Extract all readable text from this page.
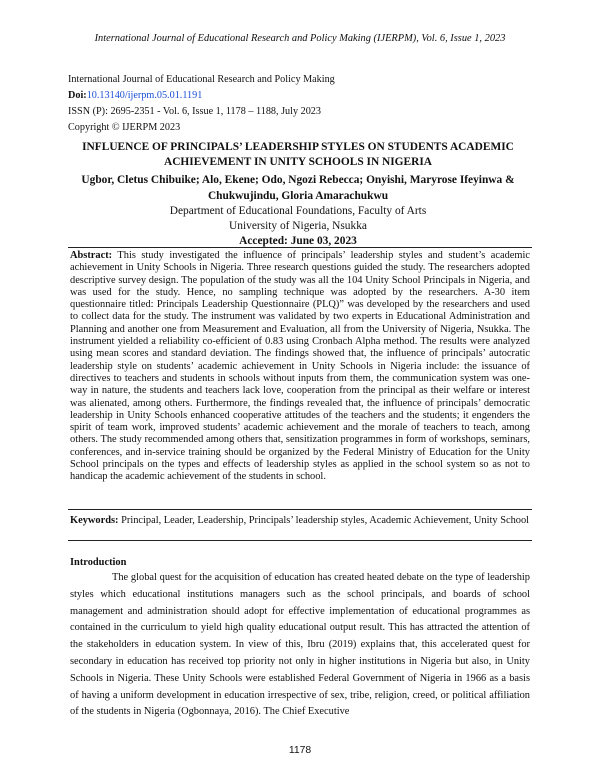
International Journal of Educational Research and Policy Making (IJERPM), Vol. 6, Issue 1, 2023
International Journal of Educational Research and Policy Making
Doi:10.13140/ijerpm.05.01.1191
ISSN (P): 2695-2351 - Vol. 6, Issue 1, 1178 – 1188, July 2023
Copyright © IJERPM 2023
INFLUENCE OF PRINCIPALS’ LEADERSHIP STYLES ON STUDENTS ACADEMIC
ACHIEVEMENT IN UNITY SCHOOLS IN NIGERIA
Ugbor, Cletus Chibuike; Alo, Ekene; Odo, Ngozi Rebecca; Onyishi, Maryrose Ifeyinwa &
Chukwujindu, Gloria Amarachukwu
Department of Educational Foundations, Faculty of Arts
University of Nigeria, Nsukka
Accepted: June 03, 2023
Abstract: This study investigated the influence of principals’ leadership styles and student’s academic achievement in Unity Schools in Nigeria. Three research questions guided the study. The researchers adopted descriptive survey design. The population of the study was all the 104 Unity School Principals in Nigeria, and was used for the study. Hence, no sampling technique was adopted by the researchers. A-30 item questionnaire titled: Principals Leadership Questionnaire (PLQ)” was developed by the researchers and used to collect data for the study. The instrument was validated by two experts in Educational Administration and Planning and another one from Measurement and Evaluation, all from the University of Nigeria, Nsukka. The instrument yielded a reliability co-efficient of 0.83 using Cronbach Alpha method. The results were analyzed using mean scores and standard deviation. The findings showed that, the influence of principals’ autocratic leadership style on students’ academic achievement in Unity Schools in Nigeria include: the issuance of directives to teachers and students in schools without inputs from them, the communication system was one-way in nature, the students and teachers lack love, cooperation from the principal as their welfare or interest was alienated, among others. Furthermore, the findings revealed that, the influence of principals’ democratic leadership in Unity Schools enhanced cooperative attitudes of the teachers and the students; it engenders the spirit of team work, improved students’ academic achievement and the morale of teachers to teach, among others. The study recommended among others that, sensitization programmes in form of workshops, seminars, conferences, and in-service training should be organized by the Federal Ministry of Education for the Unity School principals on the types and effects of leadership styles as applied in the school system so as not to handicap the academic achievement of the students in school.
Keywords: Principal, Leader, Leadership, Principals’ leadership styles, Academic Achievement, Unity School
Introduction
The global quest for the acquisition of education has created heated debate on the type of leadership styles which educational institutions managers such as the school principals, and boards of school management and administration should adopt for effective implementation of educational programmes as contained in the curriculum to yield high quality educational output result. This has attracted the attention of the stakeholders in education system. In view of this, Ibru (2019) explains that, this accelerated quest for secondary in education has received top priority not only in higher institutions in Nigeria but also, in Unity Schools in Nigeria. These Unity Schools were established Federal Government of Nigeria in 1966 as a basis of having a uniform development in education irrespective of sex, tribe, religion, creed, or political affiliation of the students in Nigeria (Ogbonnaya, 2016). The Chief Executive
1178
